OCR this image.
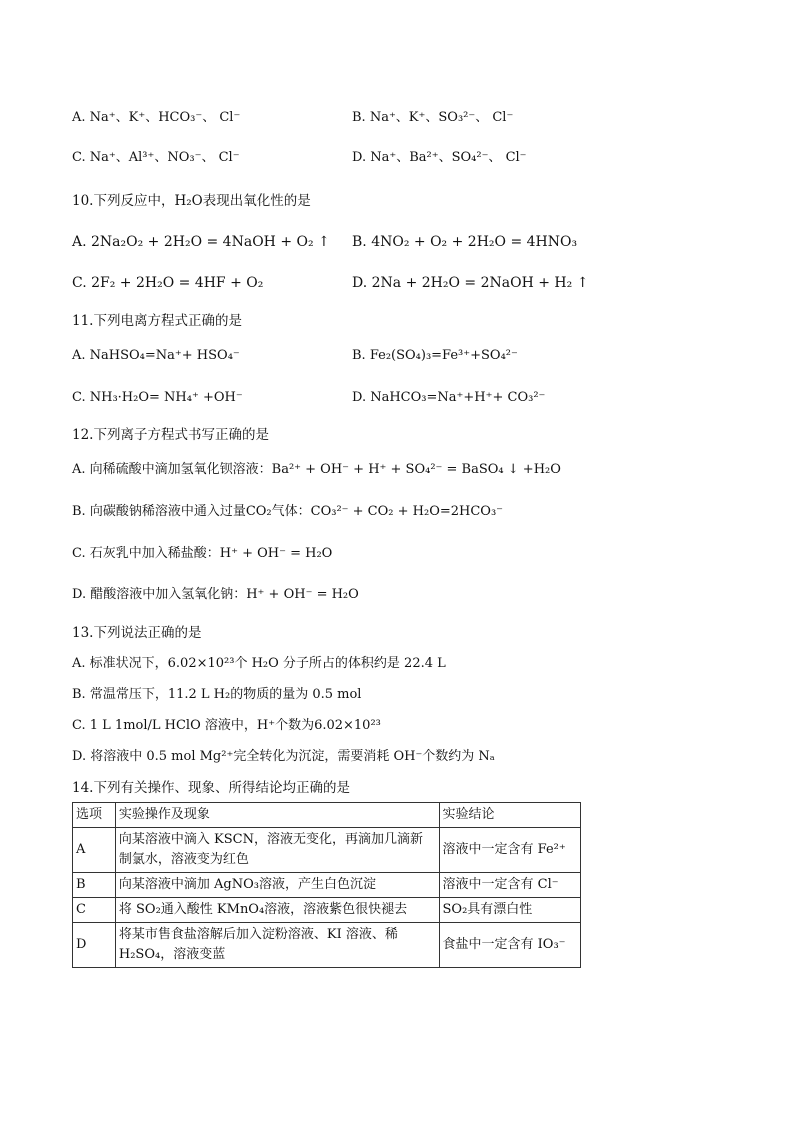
A. Na⁺、K⁺、HCO₃⁻、 Cl⁻	B. Na⁺、K⁺、SO₃²⁻、 Cl⁻
C. Na⁺、Al³⁺、NO₃⁻、 Cl⁻	D. Na⁺、Ba²⁺、SO₄²⁻、 Cl⁻
10.下列反应中，H₂O表现出氧化性的是
A. 2Na₂O₂ + 2H₂O = 4NaOH + O₂ ↑ B. 4NO₂ + O₂ + 2H₂O = 4HNO₃
C. 2F₂ + 2H₂O = 4HF + O₂	D. 2Na + 2H₂O = 2NaOH + H₂ ↑
11.下列电离方程式正确的是
A. NaHSO₄=Na⁺+ HSO₄⁻	B. Fe₂(SO₄)₃=Fe³⁺+SO₄²⁻
C. NH₃·H₂O= NH₄⁺ +OH⁻	D. NaHCO₃=Na⁺+H⁺+ CO₃²⁻
12.下列离子方程式书写正确的是
A. 向稀硫酸中滴加氢氧化钡溶液：Ba²⁺ + OH⁻ + H⁺ + SO₄²⁻ = BaSO₄ ↓ +H₂O
B. 向碳酸钠稀溶液中通入过量CO₂气体：CO₃²⁻ + CO₂ + H₂O=2HCO₃⁻
C. 石灰乳中加入稀盐酸：H⁺ + OH⁻ = H₂O
D. 醋酸溶液中加入氢氧化钠：H⁺ + OH⁻ = H₂O
13.下列说法正确的是
A. 标准状况下，6.02×10²³个 H₂O 分子所占的体积约是 22.4 L
B. 常温常压下，11.2 L H₂的物质的量为 0.5 mol
C. 1 L 1mol/L HClO 溶液中，H⁺个数为6.02×10²³
D. 将溶液中 0.5 mol Mg²⁺完全转化为沉淀，需要消耗 OH⁻个数约为 Nₐ
14.下列有关操作、现象、所得结论均正确的是
选项	实验操作及现象	实验结论
A	向某溶液中滴入 KSCN，溶液无变化，再滴加几滴新制氯水，溶液变为红色	溶液中一定含有 Fe²⁺
B	向某溶液中滴加 AgNO₃溶液，产生白色沉淀	溶液中一定含有 Cl⁻
C	将 SO₂通入酸性 KMnO₄溶液，溶液紫色很快褪去	SO₂具有漂白性
D	将某市售食盐溶解后加入淀粉溶液、KI 溶液、稀 H₂SO₄，溶液变蓝	食盐中一定含有 IO₃⁻
